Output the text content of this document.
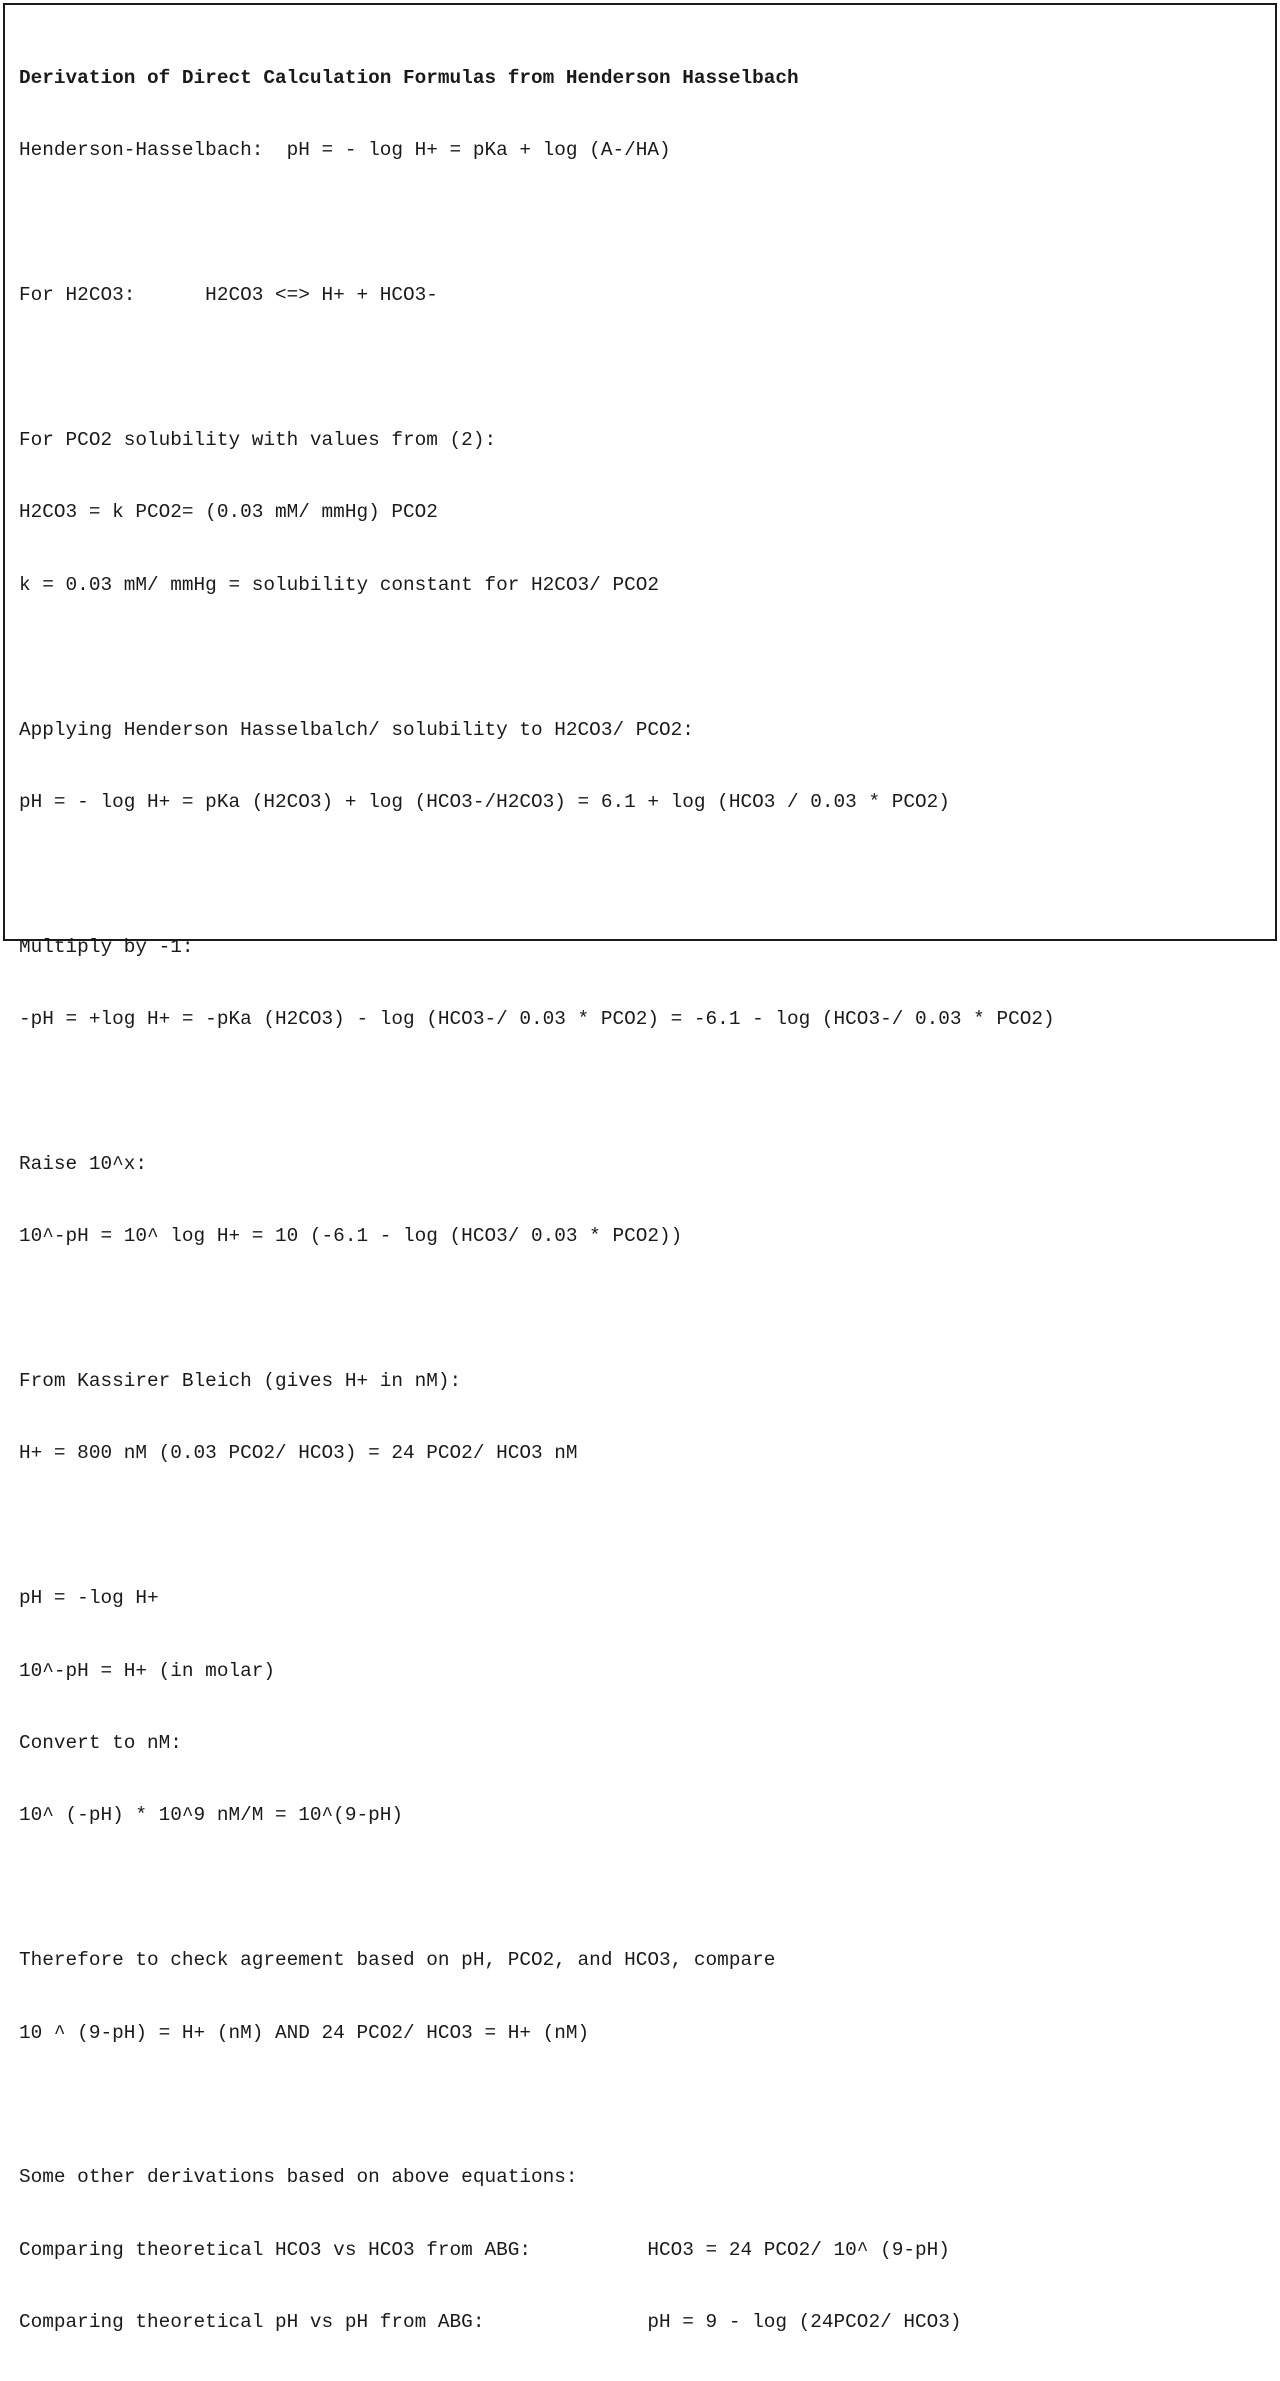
Derivation of Direct Calculation Formulas from Henderson Hasselbach

Henderson-Hasselbach:  pH = - log H+ = pKa + log (A-/HA)

For H2CO3:      H2CO3 <=> H+ + HCO3-

For PCO2 solubility with values from (2):

H2CO3 = k PCO2= (0.03 mM/ mmHg) PCO2

k = 0.03 mM/ mmHg = solubility constant for H2CO3/ PCO2

Applying Henderson Hasselbalch/ solubility to H2CO3/ PCO2:

pH = - log H+ = pKa (H2CO3) + log (HCO3-/H2CO3) = 6.1 + log (HCO3 / 0.03 * PCO2)

Multiply by -1:

-pH = +log H+ = -pKa (H2CO3) - log (HCO3-/ 0.03 * PCO2) = -6.1 - log (HCO3-/ 0.03 * PCO2)

Raise 10^x:

10^-pH = 10^ log H+ = 10 (-6.1 - log (HCO3/ 0.03 * PCO2))

From Kassirer Bleich (gives H+ in nM):

H+ = 800 nM (0.03 PCO2/ HCO3) = 24 PCO2/ HCO3 nM

pH = -log H+

10^-pH = H+ (in molar)

Convert to nM:

10^ (-pH) * 10^9 nM/M = 10^(9-pH)

Therefore to check agreement based on pH, PCO2, and HCO3, compare

10 ^ (9-pH) = H+ (nM) AND 24 PCO2/ HCO3 = H+ (nM)

Some other derivations based on above equations:

Comparing theoretical HCO3 vs HCO3 from ABG:          HCO3 = 24 PCO2/ 10^ (9-pH)

Comparing theoretical pH vs pH from ABG:              pH = 9 - log (24PCO2/ HCO3)
